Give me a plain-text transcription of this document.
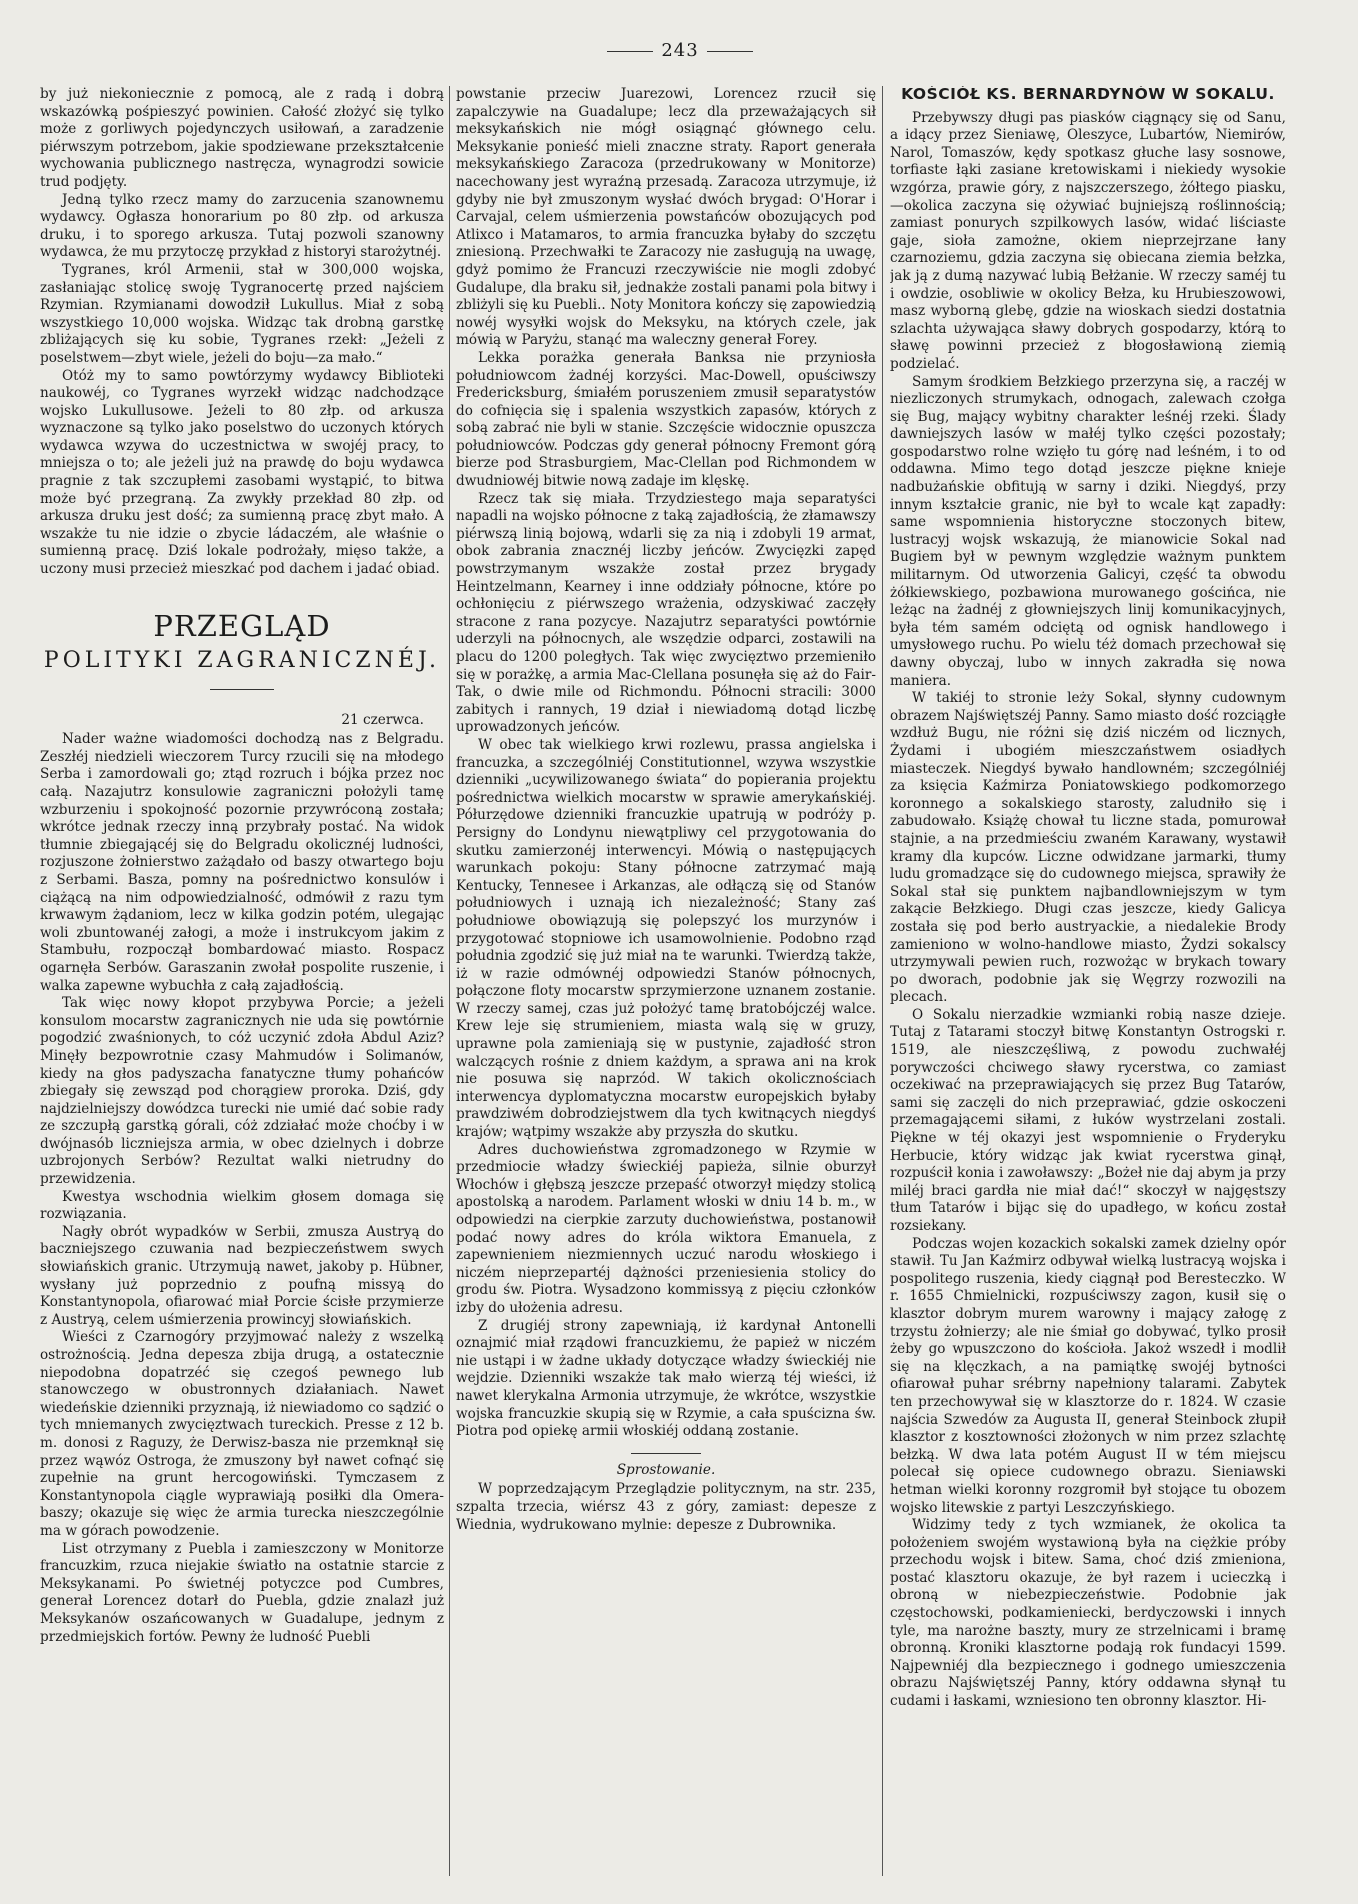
243

by już niekoniecznie z pomocą, ale z radą i dobrą wskazówką pośpieszyć powinien. Całość złożyć się tylko może z gorliwych pojedynczych usiłowań, a zaradzenie piérwszym potrzebom, jakie spodziewane przekształcenie wychowania publicznego nastręcza, wynagrodzi sowicie trud podjęty.

Jedną tylko rzecz mamy do zarzucenia szanownemu wydawcy. Ogłasza honorarium po 80 złp. od arkusza druku, i to sporego arkusza. Tutaj pozwoli szanowny wydawca, że mu przytoczę przykład z historyi starożytnéj.

Tygranes, król Armenii, stał w 300,000 wojska, zasłaniając stolicę swoję Tygranocertę przed najściem Rzymian. Rzymianami dowodził Lukullus. Miał z sobą wszystkiego 10,000 wojska. Widząc tak drobną garstkę zbliżających się ku sobie, Tygranes rzekł: „Jeżeli z poselstwem—zbyt wiele, jeżeli do boju—za mało.“

Otóż my to samo powtórzymy wydawcy Biblioteki naukowéj, co Tygranes wyrzekł widząc nadchodzące wojsko Lukullusowe. Jeżeli to 80 złp. od arkusza wyznaczone są tylko jako poselstwo do uczonych których wydawca wzywa do uczestnictwa w swojéj pracy, to mniejsza o to; ale jeżeli już na prawdę do boju wydawca pragnie z tak szczupłemi zasobami wystąpić, to bitwa może być przegraną. Za zwykły przekład 80 złp. od arkusza druku jest dość; za sumienną pracę zbyt mało. A wszakże tu nie idzie o zbycie ládaczém, ale właśnie o sumienną pracę. Dziś lokale podrożały, mięso także, a uczony musi przecież mieszkać pod dachem i jadać obiad.

PRZEGLĄD
POLITYKI ZAGRANICZNÉJ.
21 czerwca.

Nader ważne wiadomości dochodzą nas z Belgradu. Zeszłéj niedzieli wieczorem Turcy rzucili się na młodego Serba i zamordowali go; ztąd rozruch i bójka przez noc całą. Nazajutrz konsulowie zagraniczni położyli tamę wzburzeniu i spokojność pozornie przywróconą została; wkrótce jednak rzeczy inną przybrały postać. Na widok tłumnie zbiegającéj się do Belgradu okolicznéj ludności, rozjuszone żołnierstwo zażądało od baszy otwartego boju z Serbami. Basza, pomny na pośrednictwo konsulów i ciążącą na nim odpowiedzialność, odmówił z razu tym krwawym żądaniom, lecz w kilka godzin potém, ulegając woli zbuntowanéj załogi, a może i instrukcyom jakim z Stambułu, rozpoczął bombardować miasto. Rospacz ogarnęła Serbów. Garaszanin zwołał pospolite ruszenie, i walka zapewne wybuchła z całą zajadłością.

Tak więc nowy kłopot przybywa Porcie; a jeżeli konsulom mocarstw zagranicznych nie uda się powtórnie pogodzić zwaśnionych, to cóż uczynić zdoła Abdul Aziz? Minęły bezpowrotnie czasy Mahmudów i Solimanów, kiedy na głos padyszacha fanatyczne tłumy pohańców zbiegały się zewsząd pod chorągiew proroka. Dziś, gdy najdzielniejszy dowódzca turecki nie umié dać sobie rady ze szczupłą garstką górali, cóż zdziałać może choćby i w dwójnasób liczniejsza armia, w obec dzielnych i dobrze uzbrojonych Serbów? Rezultat walki nietrudny do przewidzenia.

Kwestya wschodnia wielkim głosem domaga się rozwiązania.

Nagły obrót wypadków w Serbii, zmusza Austryą do baczniejszego czuwania nad bezpieczeństwem swych słowiańskich granic. Utrzymują nawet, jakoby p. Hübner, wysłany już poprzednio z poufną missyą do Konstantynopola, ofiarować miał Porcie ścisłe przymierze z Austryą, celem uśmierzenia prowincyj słowiańskich.

Wieści z Czarnogóry przyjmować należy z wszelką ostrożnością. Jedna depesza zbija drugą, a ostatecznie niepodobna dopatrzéć się czegoś pewnego lub stanowczego w obustronnych działaniach. Nawet wiedeńskie dzienniki przyznają, iż niewiadomo co sądzić o tych mniemanych zwycięztwach tureckich. Presse z 12 b. m. donosi z Raguzy, że Derwisz-basza nie przemknął się przez wąwóz Ostroga, że zmuszony był nawet cofnąć się zupełnie na grunt hercogowiński. Tymczasem z Konstantynopola ciągle wyprawiają posiłki dla Omera-baszy; okazuje się więc że armia turecka nieszczególnie ma w górach powodzenie.

List otrzymany z Puebla i zamieszczony w Monitorze francuzkim, rzuca niejakie światło na ostatnie starcie z Meksykanami. Po świetnéj potyczce pod Cumbres, generał Lorencez dotarł do Puebla, gdzie znalazł już Meksykanów oszańcowanych w Guadalupe, jednym z przedmiejskich fortów. Pewny że ludność Puebli

powstanie przeciw Juarezowi, Lorencez rzucił się zapalczywie na Guadalupe; lecz dla przeważających sił meksykańskich nie mógł osiągnąć głównego celu. Meksykanie ponieść mieli znaczne straty. Raport generała meksykańskiego Zaracoza (przedrukowany w Monitorze) nacechowany jest wyraźną przesadą. Zaracoza utrzymuje, iż gdyby nie był zmuszonym wysłać dwóch brygad: O'Horar i Carvajal, celem uśmierzenia powstańców obozujących pod Atlixco i Matamaros, to armia francuzka byłaby do szczętu zniesioną. Przechwałki te Zaracozy nie zasługują na uwagę, gdyż pomimo że Francuzi rzeczywiście nie mogli zdobyć Gudalupe, dla braku sił, jednakże zostali panami pola bitwy i zbliżyli się ku Puebli.. Noty Monitora kończy się zapowiedzią nowéj wysyłki wojsk do Meksyku, na których czele, jak mówią w Paryżu, stanąć ma waleczny generał Forey.

Lekka porażka generała Banksa nie przyniosła południowcom żadnéj korzyści. Mac-Dowell, opuściwszy Fredericksburg, śmiałém poruszeniem zmusił separatystów do cofnięcia się i spalenia wszystkich zapasów, których z sobą zabrać nie byli w stanie. Szczęście widocznie opuszcza południowców. Podczas gdy generał północny Fremont górą bierze pod Strasburgiem, Mac-Clellan pod Richmondem w dwudniowéj bitwie nową zadaje im klęskę.

Rzecz tak się miała. Trzydziestego maja separatyści napadli na wojsko północne z taką zajadłością, że złamawszy piérwszą linią bojową, wdarli się za nią i zdobyli 19 armat, obok zabrania znacznéj liczby jeńców. Zwycięzki zapęd powstrzymanym wszakże został przez brygady Heintzelmann, Kearney i inne oddziały północne, które po ochłonięciu z piérwszego wrażenia, odzyskiwać zaczęły stracone z rana pozycye. Nazajutrz separatyści powtórnie uderzyli na północnych, ale wszędzie odparci, zostawili na placu do 1200 poległych. Tak więc zwycięztwo przemieniło się w porażkę, a armia Mac-Clellana posunęła się aż do Fair-Tak, o dwie mile od Richmondu. Północni stracili: 3000 zabitych i rannych, 19 dział i niewiadomą dotąd liczbę uprowadzonych jeńców.

W obec tak wielkiego krwi rozlewu, prassa angielska i francuzka, a szczególniéj Constitutionnel, wzywa wszystkie dzienniki „ucywilizowanego świata“ do popierania projektu pośrednictwa wielkich mocarstw w sprawie amerykańskiéj. Półurzędowe dzienniki francuzkie upatrują w podróży p. Persigny do Londynu niewątpliwy cel przygotowania do skutku zamierzonéj interwencyi. Mówią o następujących warunkach pokoju: Stany północne zatrzymać mają Kentucky, Tennesee i Arkanzas, ale odłączą się od Stanów południowych i uznają ich niezależność; Stany zaś południowe obowiązują się polepszyć los murzynów i przygotować stopniowe ich usamowolnienie. Podobno rząd południa zgodzić się już miał na te warunki. Twierdzą także, iż w razie odmównéj odpowiedzi Stanów północnych, połączone floty mocarstw sprzymierzone uznanem zostanie. W rzeczy samej, czas już położyć tamę bratobójczéj walce. Krew leje się strumieniem, miasta walą się w gruzy, uprawne pola zamieniają się w pustynie, zajadłość stron walczących rośnie z dniem każdym, a sprawa ani na krok nie posuwa się naprzód. W takich okolicznościach interwencya dyplomatyczna mocarstw europejskich byłaby prawdziwém dobrodziejstwem dla tych kwitnących niegdyś krajów; wątpimy wszakże aby przyszła do skutku.

Adres duchowieństwa zgromadzonego w Rzymie w przedmiocie władzy świeckiéj papieża, silnie oburzył Włochów i głębszą jeszcze przepaść otworzył między stolicą apostolską a narodem. Parlament włoski w dniu 14 b. m., w odpowiedzi na cierpkie zarzuty duchowieństwa, postanowił podać nowy adres do króla wiktora Emanuela, z zapewnieniem niezmiennych uczuć narodu włoskiego i niczém nieprzepartéj dążności przeniesienia stolicy do grodu św. Piotra. Wysadzono kommissyą z pięciu członków izby do ułożenia adresu.

Z drugiéj strony zapewniają, iż kardynał Antonelli oznajmić miał rządowi francuzkiemu, że papież w niczém nie ustąpi i w żadne układy dotyczące władzy świeckiéj nie wejdzie. Dzienniki wszakże tak mało wierzą téj wieści, iż nawet klerykalna Armonia utrzymuje, że wkrótce, wszystkie wojska francuzkie skupią się w Rzymie, a cała spuścizna św. Piotra pod opiekę armii włoskiéj oddaną zostanie.

Sprostowanie.

W poprzedzającym Przeglądzie politycznym, na str. 235, szpalta trzecia, wiérsz 43 z góry, zamiast: depesze z Wiednia, wydrukowano mylnie: depesze z Dubrownika.

KOŚCIÓŁ KS. BERNARDYNÓW W SOKALU.

Przebywszy długi pas piasków ciągnący się od Sanu, a idący przez Sieniawę, Oleszyce, Lubartów, Niemirów, Narol, Tomaszów, kędy spotkasz głuche lasy sosnowe, torfiaste łąki zasiane kretowiskami i niekiedy wysokie wzgórza, prawie góry, z najszczerszego, żółtego piasku,—okolica zaczyna się ożywiać bujniejszą roślinnością; zamiast ponurych szpilkowych lasów, widać liściaste gaje, sioła zamożne, okiem nieprzejrzane łany czarnoziemu, gdzia zaczyna się obiecana ziemia bełzka, jak ją z dumą nazywać lubią Bełżanie. W rzeczy saméj tu i owdzie, osobliwie w okolicy Bełza, ku Hrubieszowowi, masz wyborną glebę, gdzie na wioskach siedzi dostatnia szlachta używająca sławy dobrych gospodarzy, którą to sławę powinni przecież z błogosławioną ziemią podzielać.

Samym środkiem Bełzkiego przerzyna się, a raczéj w niezliczonych strumykach, odnogach, zalewach czołga się Bug, mający wybitny charakter leśnéj rzeki. Ślady dawniejszych lasów w małéj tylko części pozostały; gospodarstwo rolne wzięło tu górę nad leśném, i to od oddawna. Mimo tego dotąd jeszcze piękne kniejе nadbużańskie obfitują w sarny i dziki. Niegdyś, przy innym kształcie granic, nie był to wcale kąt zapadły: same wspomnienia historyczne stoczonych bitew, lustracyj wojsk wskazują, że mianowicie Sokal nad Bugiem był w pewnym względzie ważnym punktem militarnym. Od utworzenia Galicyi, część ta obwodu żółkiewskiego, pozbawiona murowanego gościńca, nie leżąc na żadnéj z głowniejszych linij komunikacyjnych, była tém samém odciętą od ognisk handlowego i umysłowego ruchu. Po wielu téż domach przechował się dawny obyczaj, lubo w innych zakradła się nowa maniera.

W takiéj to stronie leży Sokal, słynny cudownym obrazem Najświętszéj Panny. Samo miasto dość rozciągłe wzdłuż Bugu, nie różni się dziś niczém od licznych, Żydami i ubogiém mieszczaństwem osiadłych miasteczek. Niegdyś bywało handlowném; szczególniéj za księcia Kaźmirza Poniatowskiego podkomorzego koronnego a sokalskiego starosty, zaludniło się i zabudowało. Książę chował tu liczne stada, pomurował stajnie, a na przedmieściu zwaném Karawany, wystawił kramy dla kupców. Liczne odwidzane jarmarki, tłumy ludu gromadzące się do cudownego miejsca, sprawiły że Sokal stał się punktem najbandlowniejszym w tym zakącie Bełzkiego. Długi czas jeszcze, kiedy Galicya została się pod berło austryackie, a niedalekie Brody zamieniono w wolno-handlowe miasto, Żydzi sokalscy utrzymywali pewien ruch, rozwożąc w brykach towary po dworach, podobnie jak się Węgrzy rozwozili na plecach.

O Sokalu nierzadkie wzmianki robią nasze dzieje. Tutaj z Tatarami stoczył bitwę Konstantyn Ostrogski r. 1519, ale nieszczęśliwą, z powodu zuchwałéj porywczości chciwego sławy rycerstwa, co zamiast oczekiwać na przeprawiających się przez Bug Tatarów, sami się zaczęli do nich przeprawiać, gdzie oskoczeni przemagającemi siłami, z łuków wystrzelani zostali. Piękne w téj okazyi jest wspomnienie o Fryderyku Herbucie, który widząc jak kwiat rycerstwa ginął, rozpuścił konia i zawoławszy: „Bożeł nie daj abym ja przy miléj braci gardła nie miał dać!“ skoczył w najgęstszy tłum Tatarów i bijąc się do upadłego, w końcu został rozsiekany.

Podczas wojen kozackich sokalski zamek dzielny opór stawił. Tu Jan Kaźmirz odbywał wielką lustracyą wojska i pospolitego ruszenia, kiedy ciągnął pod Beresteczko. W r. 1655 Chmielnicki, rozpuściwszy zagon, kusił się o klasztor dobrym murem warowny i mający załogę z trzystu żołnierzy; ale nie śmiał go dobywać, tylko prosił żeby go wpuszczono do kościoła. Jakoż wszedł i modlił się na klęczkach, a na pamiątkę swojéj bytności ofiarował puhar srébrny napełniony talarami. Zabytek ten przechowywał się w klasztorze do r. 1824. W czasie najścia Szwedów za Augusta II, generał Steinbock złupił klasztor z kosztowności złożonych w nim przez szlachtę bełzką. W dwa lata potém August II w tém miejscu polecał się opiece cudownego obrazu. Sieniawski hetman wielki koronny rozgromił był stojące tu obozem wojsko litewskie z partyi Leszczyńskiego.

Widzimy tedy z tych wzmianek, że okolica ta położeniem swojém wystawioną była na ciężkie próby przechodu wojsk i bitew. Sama, choć dziś zmieniona, postać klasztoru okazuje, że był razem i ucieczką i obroną w niebezpieczeństwie. Podobnie jak częstochowski, podkamieniecki, berdyczowski i innych tyle, ma narożne baszty, mury ze strzelnicami i bramę obronną. Kroniki klasztorne podają rok fundacyi 1599. Najpewniéj dla bezpiecznego i godnego umieszczenia obrazu Najświętszéj Panny, który oddawna słynął tu cudami i łaskami, wzniesiono ten obronny klasztor. Hi-
